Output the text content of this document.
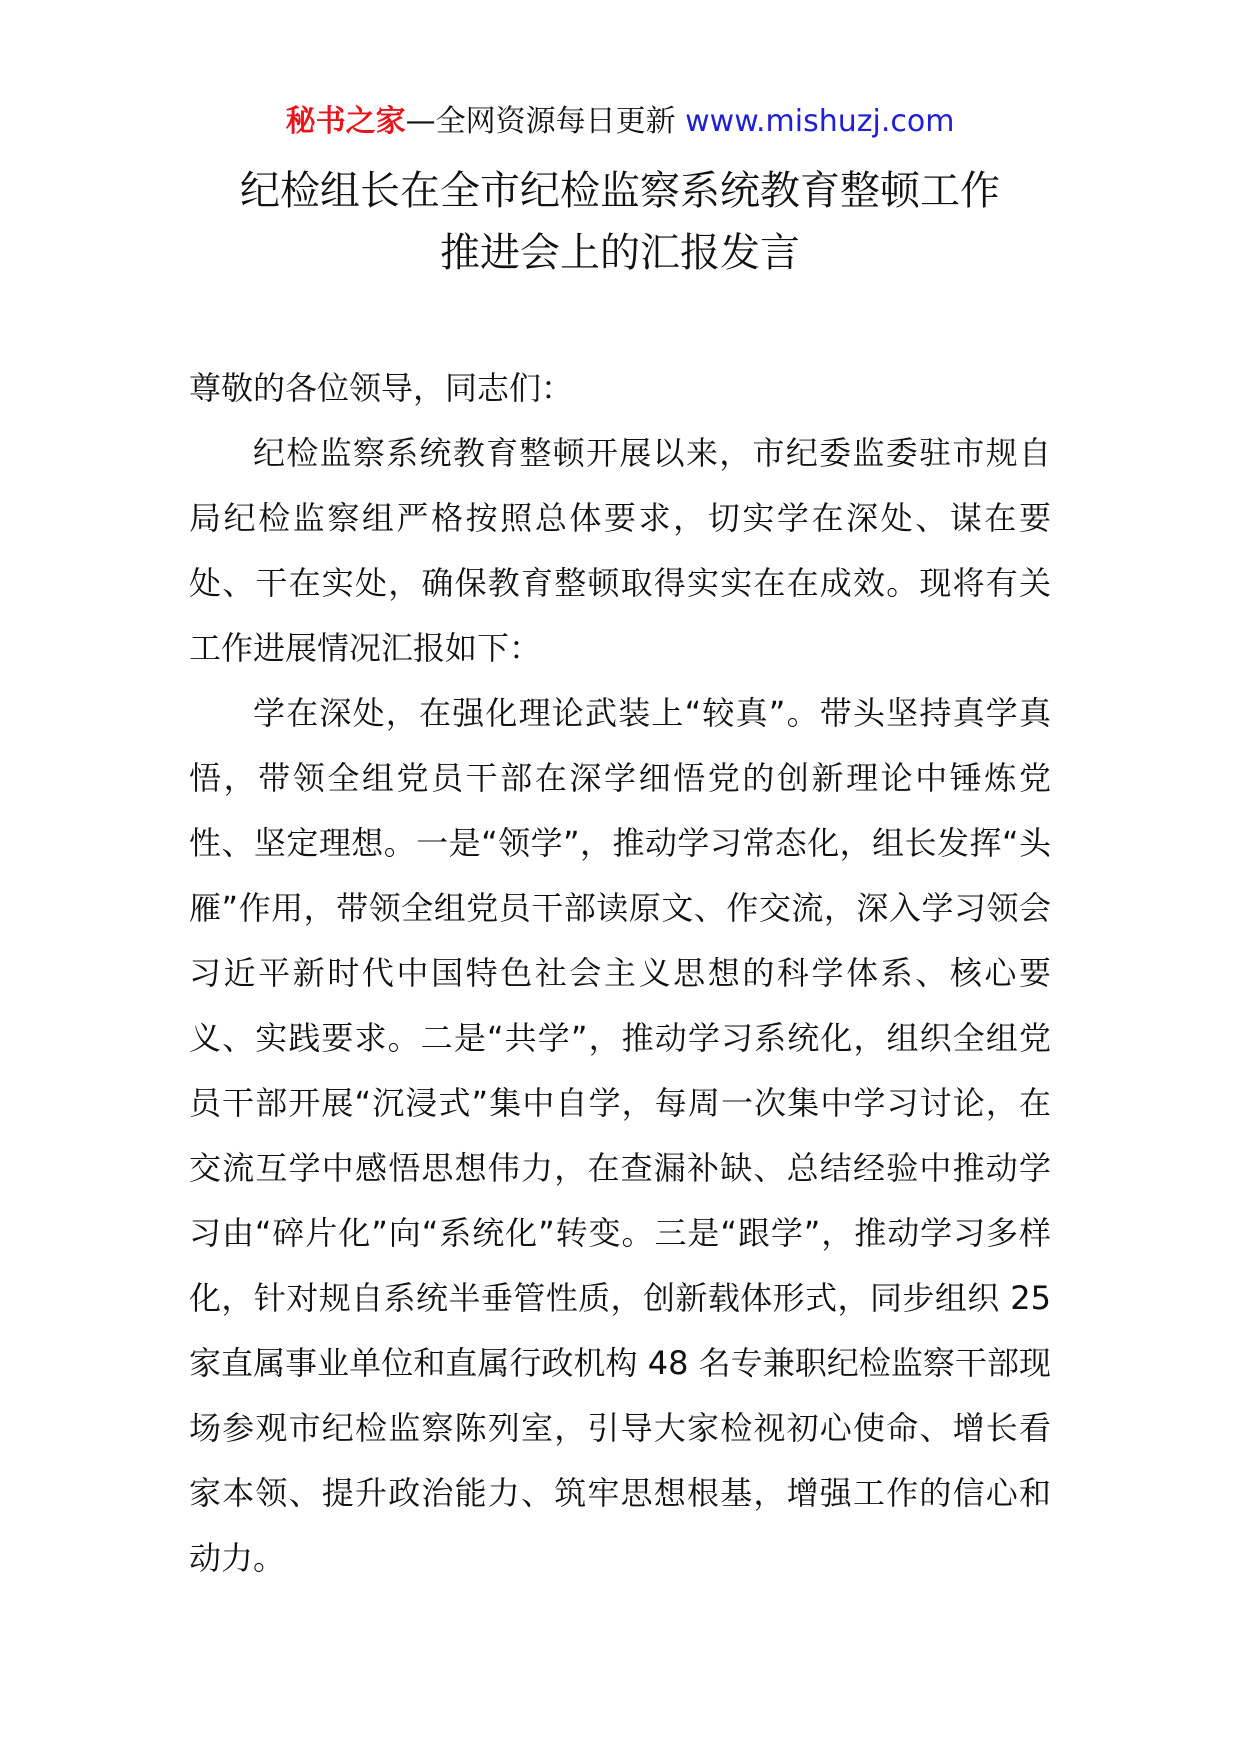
秘书之家—全网资源每日更新 www.mishuzj.com
纪检组长在全市纪检监察系统教育整顿工作
推进会上的汇报发言

尊敬的各位领导，同志们：

纪检监察系统教育整顿开展以来，市纪委监委驻市规自局纪检监察组严格按照总体要求，切实学在深处、谋在要处、干在实处，确保教育整顿取得实实在在成效。现将有关工作进展情况汇报如下：

学在深处，在强化理论武装上“较真”。带头坚持真学真悟，带领全组党员干部在深学细悟党的创新理论中锤炼党性、坚定理想。一是“领学”，推动学习常态化，组长发挥“头雁”作用，带领全组党员干部读原文、作交流，深入学习领会习近平新时代中国特色社会主义思想的科学体系、核心要义、实践要求。二是“共学”，推动学习系统化，组织全组党员干部开展“沉浸式”集中自学，每周一次集中学习讨论，在交流互学中感悟思想伟力，在查漏补缺、总结经验中推动学习由“碎片化”向“系统化”转变。三是“跟学”，推动学习多样化，针对规自系统半垂管性质，创新载体形式，同步组织 25 家直属事业单位和直属行政机构 48 名专兼职纪检监察干部现场参观市纪检监察陈列室，引导大家检视初心使命、增长看家本领、提升政治能力、筑牢思想根基，增强工作的信心和动力。
